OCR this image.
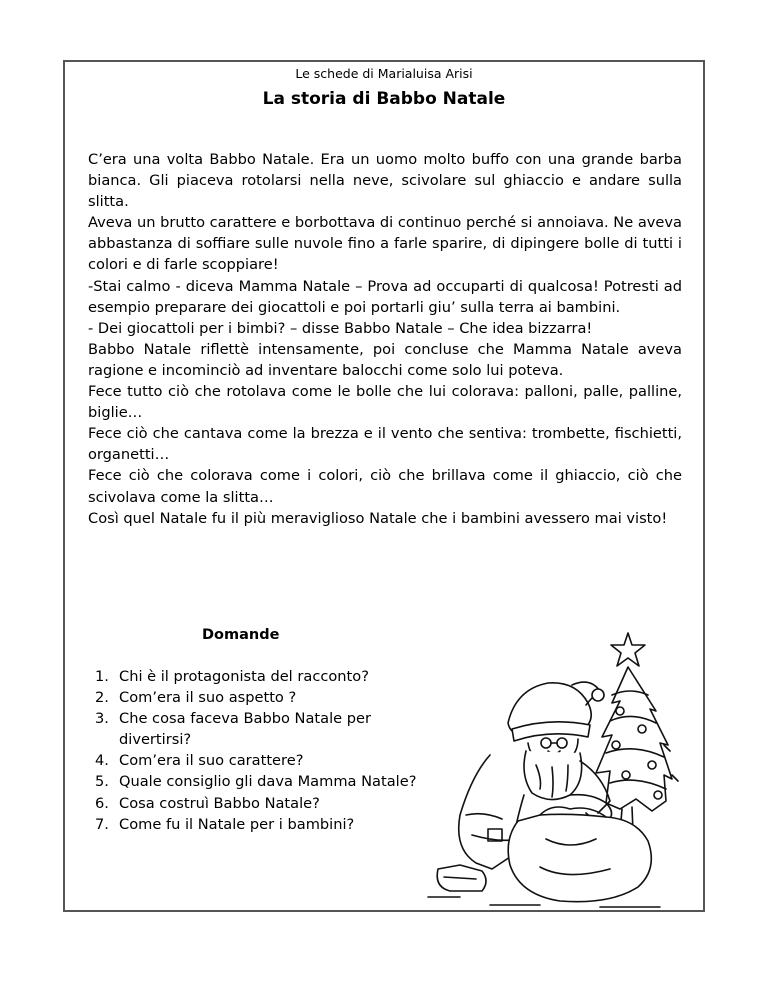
Le schede di Marialuisa Arisi
La storia di Babbo Natale

C’era una volta Babbo Natale. Era un uomo molto buffo con una grande barba bianca. Gli piaceva rotolarsi nella neve, scivolare sul ghiaccio e andare sulla slitta.

Aveva un brutto carattere e borbottava di continuo perché si annoiava. Ne aveva abbastanza di soffiare sulle nuvole fino a farle sparire, di dipingere bolle di tutti i colori e di farle scoppiare!

-Stai calmo - diceva Mamma Natale – Prova ad occuparti di qualcosa! Potresti ad esempio preparare dei giocattoli e poi portarli giu’ sulla terra ai bambini.

- Dei giocattoli per i bimbi? – disse Babbo Natale – Che idea bizzarra!

Babbo Natale riflettè intensamente, poi concluse che Mamma Natale aveva ragione e incominciò ad inventare balocchi come solo lui poteva.

Fece tutto ciò che rotolava come le bolle che lui colorava: palloni, palle, palline, biglie…

Fece ciò che cantava come la brezza e il vento che sentiva: trombette, fischietti, organetti…

Fece ciò che colorava come i colori, ciò che brillava come il ghiaccio, ciò che scivolava come la slitta…

Così quel Natale fu il più meraviglioso Natale che i bambini avessero mai visto!

Domande
1. Chi è il protagonista del racconto?
2. Com’era il suo aspetto ?
3. Che cosa faceva Babbo Natale per divertirsi?
4. Com’era il suo carattere?
5. Quale consiglio gli dava Mamma Natale?
6. Cosa costruì Babbo Natale?
7. Come fu il Natale per i bambini?
